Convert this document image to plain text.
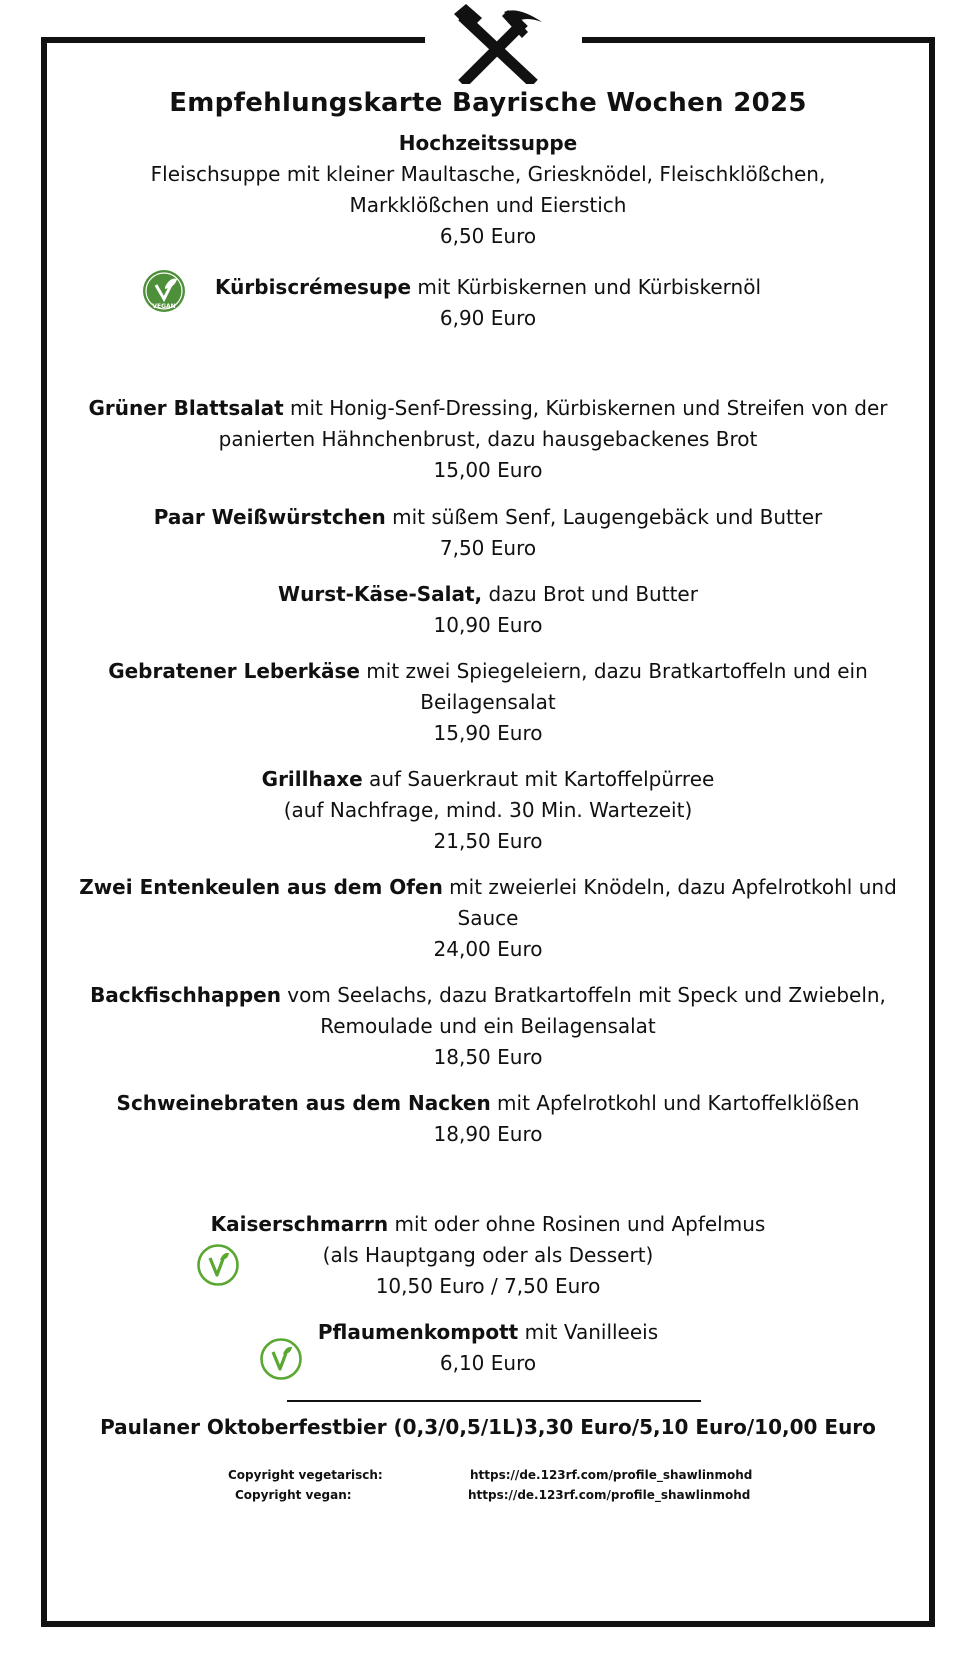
Empfehlungskarte Bayrische Wochen 2025
Hochzeitssuppe
Fleischsuppe mit kleiner Maultasche, Griesknödel, Fleischklößchen,
Markklößchen und Eierstich
6,50 Euro
VEGAN
Kürbiscrémesupe mit Kürbiskernen und Kürbiskernöl
6,90 Euro
Grüner Blattsalat mit Honig-Senf-Dressing, Kürbiskernen und Streifen von der
panierten Hähnchenbrust, dazu hausgebackenes Brot
15,00 Euro
Paar Weißwürstchen mit süßem Senf, Laugengebäck und Butter
7,50 Euro
Wurst-Käse-Salat, dazu Brot und Butter
10,90 Euro
Gebratener Leberkäse mit zwei Spiegeleiern, dazu Bratkartoffeln und ein
Beilagensalat
15,90 Euro
Grillhaxe auf Sauerkraut mit Kartoffelpürree
(auf Nachfrage, mind. 30 Min. Wartezeit)
21,50 Euro
Zwei Entenkeulen aus dem Ofen mit zweierlei Knödeln, dazu Apfelrotkohl und
Sauce
24,00 Euro
Backfischhappen vom Seelachs, dazu Bratkartoffeln mit Speck und Zwiebeln,
Remoulade und ein Beilagensalat
18,50 Euro
Schweinebraten aus dem Nacken mit Apfelrotkohl und Kartoffelklößen
18,90 Euro
Kaiserschmarrn mit oder ohne Rosinen und Apfelmus
(als Hauptgang oder als Dessert)
10,50 Euro / 7,50 Euro
Pflaumenkompott mit Vanilleeis
6,10 Euro
Paulaner Oktoberfestbier (0,3/0,5/1L)3,30 Euro/5,10 Euro/10,00 Euro
Copyright vegetarisch:	https://de.123rf.com/profile_shawlinmohd
Copyright vegan:	https://de.123rf.com/profile_shawlinmohd
